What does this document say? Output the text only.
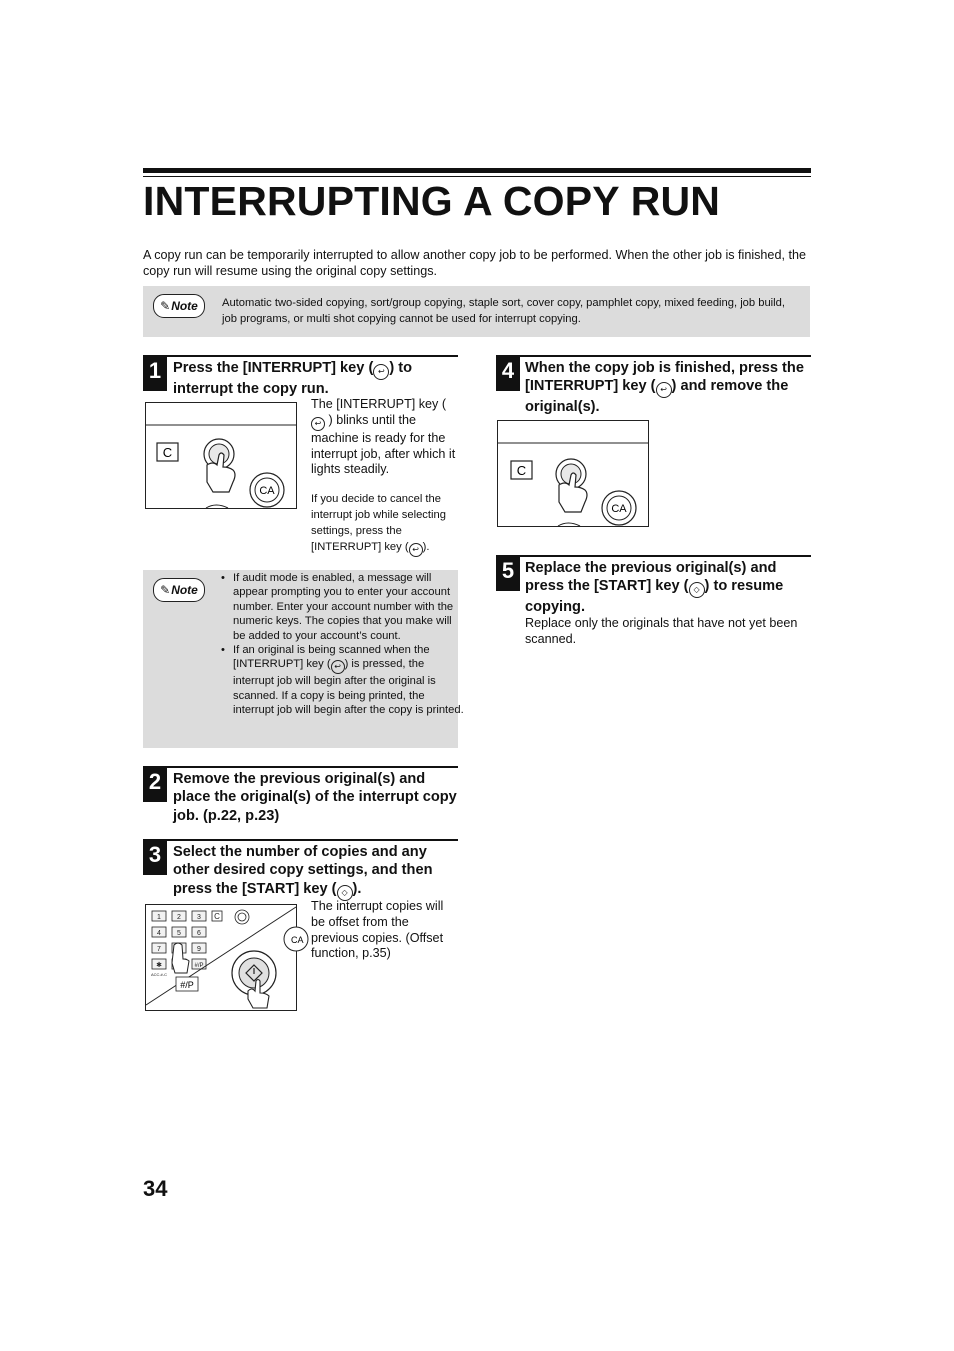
INTERRUPTING A COPY RUN
A copy run can be temporarily interrupted to allow another copy job to be performed. When the other job is finished, the copy run will resume using the original copy settings.
✎Note	Automatic two-sided copying, sort/group copying, staple sort, cover copy, pamphlet copy, mixed feeding, job build, job programs, or multi shot copying cannot be used for interrupt copying.
1 Press the [INTERRUPT] key ( ↩ ) to interrupt the copy run.
C
CA
The [INTERRUPT] key (↩ ) blinks until the machine is ready for the interrupt job, after which it lights steadily.
If you decide to cancel the interrupt job while selecting settings, press the [INTERRUPT] key ( ↩ ).
✎Note
• If audit mode is enabled, a message will appear prompting you to enter your account number. Enter your account number with the numeric keys. The copies that you make will be added to your account’s count.
• If an original is being scanned when the [INTERRUPT] key ( ↩ ) is pressed, the interrupt job will begin after the original is scanned. If a copy is being printed, the interrupt job will begin after the copy is printed.
2 Remove the previous original(s) and place the original(s) of the interrupt copy job. (p.22, p.23)
3 Select the number of copies and any other desired copy settings, and then press the [START] key ( ◇ ).
1 2 3
4 5 6
7	9
✱	#/P
ACC.#-C
C
#/P
CA
The interrupt copies will be offset from the previous copies. (Offset function, p.35)
4 When the copy job is finished, press the [INTERRUPT] key ( ↩ ) and remove the original(s).
C
CA
5 Replace the previous original(s) and press the [START] key ( ◇ ) to resume copying.
Replace only the originals that have not yet been scanned.
34
